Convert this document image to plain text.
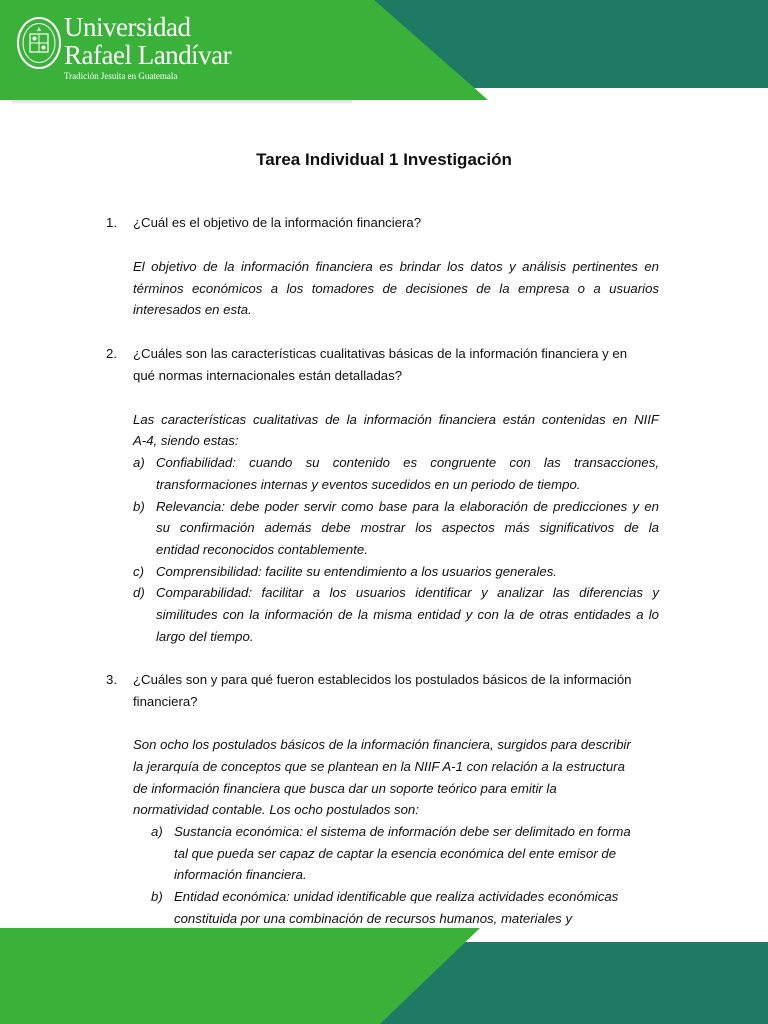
Universidad
Rafael Landívar
Tradición Jesuita en Guatemala
Tarea Individual 1 Investigación
1. ¿Cuál es el objetivo de la información financiera?
El objetivo de la información financiera es brindar los datos y análisis pertinentes en
términos económicos a los tomadores de decisiones de la empresa o a usuarios
interesados en esta.
2. ¿Cuáles son las características cualitativas básicas de la información financiera y en
qué normas internacionales están detalladas?
Las características cualitativas de la información financiera están contenidas en NIIF
A-4, siendo estas:
a) Confiabilidad: cuando su contenido es congruente con las transacciones,
transformaciones internas y eventos sucedidos en un periodo de tiempo.
b) Relevancia: debe poder servir como base para la elaboración de predicciones y en
su confirmación además debe mostrar los aspectos más significativos de la
entidad reconocidos contablemente.
c) Comprensibilidad: facilite su entendimiento a los usuarios generales.
d) Comparabilidad: facilitar a los usuarios identificar y analizar las diferencias y
similitudes con la información de la misma entidad y con la de otras entidades a lo
largo del tiempo.
3. ¿Cuáles son y para qué fueron establecidos los postulados básicos de la información
financiera?
Son ocho los postulados básicos de la información financiera, surgidos para describir
la jerarquía de conceptos que se plantean en la NIIF A-1 con relación a la estructura
de información financiera que busca dar un soporte teórico para emitir la
normatividad contable. Los ocho postulados son:
a) Sustancia económica: el sistema de información debe ser delimitado en forma
tal que pueda ser capaz de captar la esencia económica del ente emisor de
información financiera.
b) Entidad económica: unidad identificable que realiza actividades económicas
constituida por una combinación de recursos humanos, materiales y
